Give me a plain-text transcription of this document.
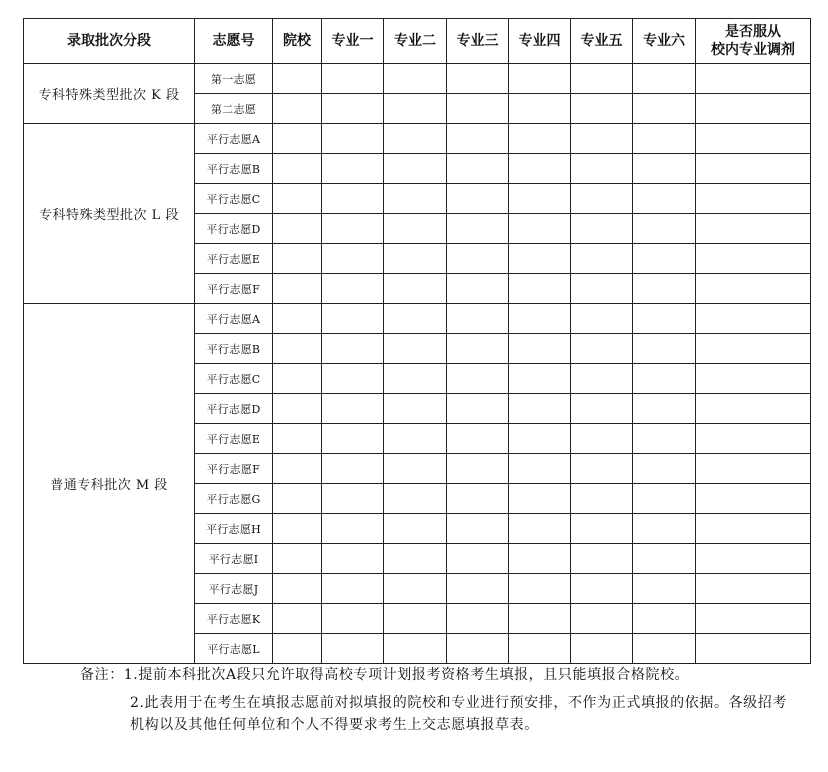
录取批次分段	志愿号	院校	专业一	专业二	专业三	专业四	专业五	专业六	是否服从
校内专业调剂
专科特殊类型批次 K 段	第一志愿								
	第二志愿								
专科特殊类型批次 L 段	平行志愿A								
	平行志愿B								
	平行志愿C								
	平行志愿D								
	平行志愿E								
	平行志愿F								
普通专科批次 M 段	平行志愿A								
	平行志愿B								
	平行志愿C								
	平行志愿D								
	平行志愿E								
	平行志愿F								
	平行志愿G								
	平行志愿H								
	平行志愿I								
	平行志愿J								
	平行志愿K								
	平行志愿L								

备注：1.提前本科批次A段只允许取得高校专项计划报考资格考生填报，且只能填报合格院校。

2.此表用于在考生在填报志愿前对拟填报的院校和专业进行预安排，不作为正式填报的依据。各级招考机构以及其他任何单位和个人不得要求考生上交志愿填报草表。
